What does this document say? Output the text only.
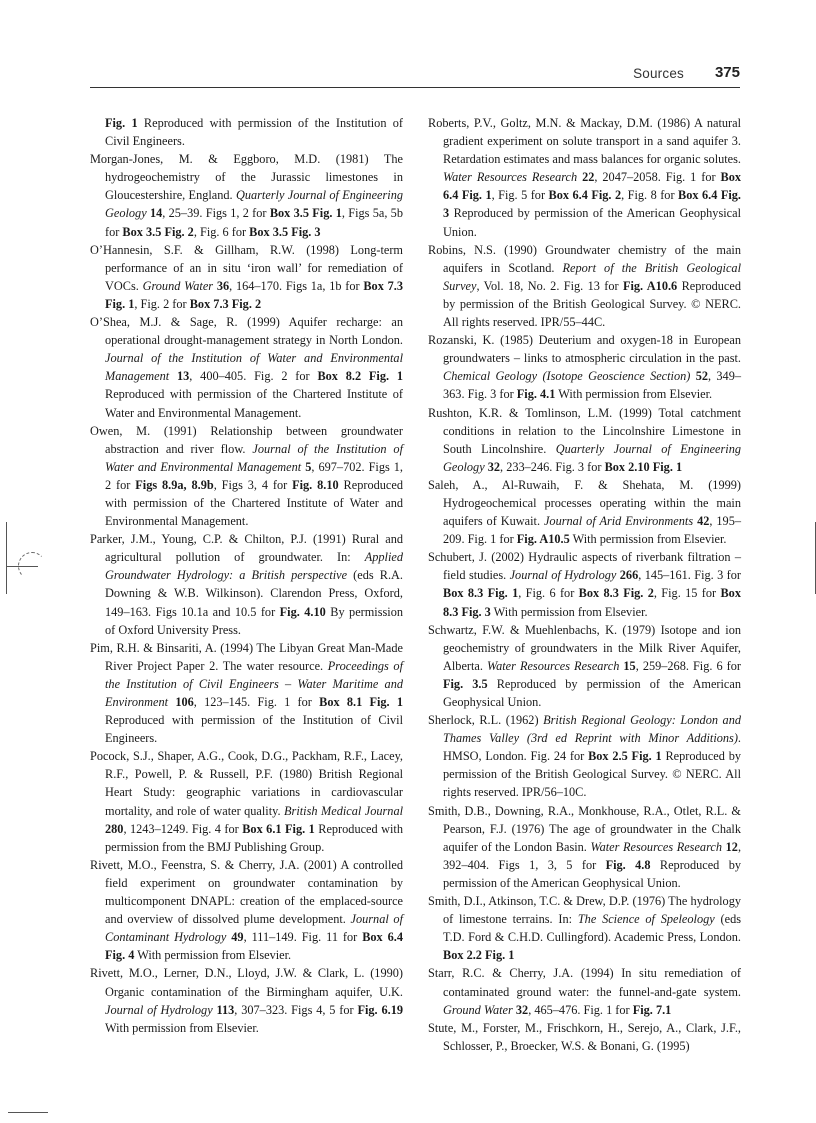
Sources 375

Fig. 1 Reproduced with permission of the Institution of Civil Engineers.

Morgan-Jones, M. & Eggboro, M.D. (1981) The hydrogeochemistry of the Jurassic limestones in Gloucestershire, England. Quarterly Journal of Engineering Geology 14, 25–39. Figs 1, 2 for Box 3.5 Fig. 1, Figs 5a, 5b for Box 3.5 Fig. 2, Fig. 6 for Box 3.5 Fig. 3

O’Hannesin, S.F. & Gillham, R.W. (1998) Long-term performance of an in situ ‘iron wall’ for remediation of VOCs. Ground Water 36, 164–170. Figs 1a, 1b for Box 7.3 Fig. 1, Fig. 2 for Box 7.3 Fig. 2

O’Shea, M.J. & Sage, R. (1999) Aquifer recharge: an operational drought-management strategy in North London. Journal of the Institution of Water and Environmental Management 13, 400–405. Fig. 2 for Box 8.2 Fig. 1 Reproduced with permission of the Chartered Institute of Water and Environmental Management.

Owen, M. (1991) Relationship between groundwater abstraction and river flow. Journal of the Institution of Water and Environmental Management 5, 697–702. Figs 1, 2 for Figs 8.9a, 8.9b, Figs 3, 4 for Fig. 8.10 Reproduced with permission of the Chartered Institute of Water and Environmental Management.

Parker, J.M., Young, C.P. & Chilton, P.J. (1991) Rural and agricultural pollution of groundwater. In: Applied Groundwater Hydrology: a British perspective (eds R.A. Downing & W.B. Wilkinson). Clarendon Press, Oxford, 149–163. Figs 10.1a and 10.5 for Fig. 4.10 By permission of Oxford University Press.

Pim, R.H. & Binsariti, A. (1994) The Libyan Great Man-Made River Project Paper 2. The water resource. Proceedings of the Institution of Civil Engineers – Water Maritime and Environment 106, 123–145. Fig. 1 for Box 8.1 Fig. 1 Reproduced with permission of the Institution of Civil Engineers.

Pocock, S.J., Shaper, A.G., Cook, D.G., Packham, R.F., Lacey, R.F., Powell, P. & Russell, P.F. (1980) British Regional Heart Study: geographic variations in cardiovascular mortality, and role of water quality. British Medical Journal 280, 1243–1249. Fig. 4 for Box 6.1 Fig. 1 Reproduced with permission from the BMJ Publishing Group.

Rivett, M.O., Feenstra, S. & Cherry, J.A. (2001) A controlled field experiment on groundwater contamination by multicomponent DNAPL: creation of the emplaced-source and overview of dissolved plume development. Journal of Contaminant Hydrology 49, 111–149. Fig. 11 for Box 6.4 Fig. 4 With permission from Elsevier.

Rivett, M.O., Lerner, D.N., Lloyd, J.W. & Clark, L. (1990) Organic contamination of the Birmingham aquifer, U.K. Journal of Hydrology 113, 307–323. Figs 4, 5 for Fig. 6.19 With permission from Elsevier.

Roberts, P.V., Goltz, M.N. & Mackay, D.M. (1986) A natural gradient experiment on solute transport in a sand aquifer 3. Retardation estimates and mass balances for organic solutes. Water Resources Research 22, 2047–2058. Fig. 1 for Box 6.4 Fig. 1, Fig. 5 for Box 6.4 Fig. 2, Fig. 8 for Box 6.4 Fig. 3 Reproduced by permission of the American Geophysical Union.

Robins, N.S. (1990) Groundwater chemistry of the main aquifers in Scotland. Report of the British Geological Survey, Vol. 18, No. 2. Fig. 13 for Fig. A10.6 Reproduced by permission of the British Geological Survey. © NERC. All rights reserved. IPR/55–44C.

Rozanski, K. (1985) Deuterium and oxygen-18 in European groundwaters – links to atmospheric circulation in the past. Chemical Geology (Isotope Geoscience Section) 52, 349–363. Fig. 3 for Fig. 4.1 With permission from Elsevier.

Rushton, K.R. & Tomlinson, L.M. (1999) Total catchment conditions in relation to the Lincolnshire Limestone in South Lincolnshire. Quarterly Journal of Engineering Geology 32, 233–246. Fig. 3 for Box 2.10 Fig. 1

Saleh, A., Al-Ruwaih, F. & Shehata, M. (1999) Hydrogeochemical processes operating within the main aquifers of Kuwait. Journal of Arid Environments 42, 195–209. Fig. 1 for Fig. A10.5 With permission from Elsevier.

Schubert, J. (2002) Hydraulic aspects of riverbank filtration – field studies. Journal of Hydrology 266, 145–161. Fig. 3 for Box 8.3 Fig. 1, Fig. 6 for Box 8.3 Fig. 2, Fig. 15 for Box 8.3 Fig. 3 With permission from Elsevier.

Schwartz, F.W. & Muehlenbachs, K. (1979) Isotope and ion geochemistry of groundwaters in the Milk River Aquifer, Alberta. Water Resources Research 15, 259–268. Fig. 6 for Fig. 3.5 Reproduced by permission of the American Geophysical Union.

Sherlock, R.L. (1962) British Regional Geology: London and Thames Valley (3rd ed Reprint with Minor Additions). HMSO, London. Fig. 24 for Box 2.5 Fig. 1 Reproduced by permission of the British Geological Survey. © NERC. All rights reserved. IPR/56–10C.

Smith, D.B., Downing, R.A., Monkhouse, R.A., Otlet, R.L. & Pearson, F.J. (1976) The age of groundwater in the Chalk aquifer of the London Basin. Water Resources Research 12, 392–404. Figs 1, 3, 5 for Fig. 4.8 Reproduced by permission of the American Geophysical Union.

Smith, D.I., Atkinson, T.C. & Drew, D.P. (1976) The hydrology of limestone terrains. In: The Science of Speleology (eds T.D. Ford & C.H.D. Cullingford). Academic Press, London. Box 2.2 Fig. 1

Starr, R.C. & Cherry, J.A. (1994) In situ remediation of contaminated ground water: the funnel-and-gate system. Ground Water 32, 465–476. Fig. 1 for Fig. 7.1

Stute, M., Forster, M., Frischkorn, H., Serejo, A., Clark, J.F., Schlosser, P., Broecker, W.S. & Bonani, G. (1995)
